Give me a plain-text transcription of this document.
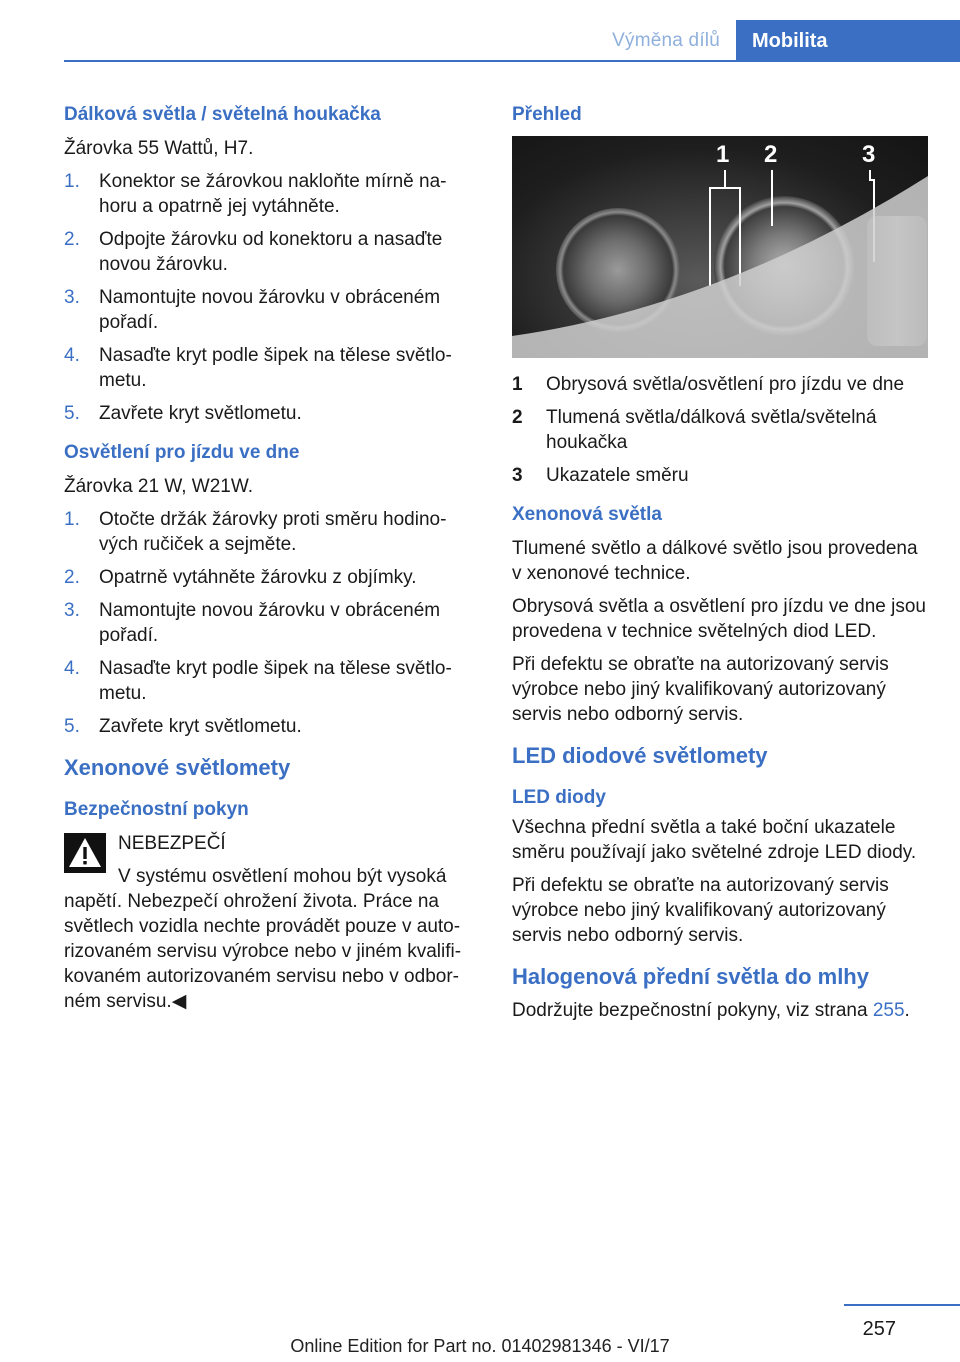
Výměna dílů	Mobilita
Dálková světla / světelná houkačka

Žárovka 55 Wattů, H7.

1. Konektor se žárovkou nakloňte mírně nahoru a opatrně jej vytáhněte.
2. Odpojte žárovku od konektoru a nasaďte novou žárovku.
3. Namontujte novou žárovku v obráceném pořadí.
4. Nasaďte kryt podle šipek na tělese světlometu.
5. Zavřete kryt světlometu.
Osvětlení pro jízdu ve dne

Žárovka 21 W, W21W.

1. Otočte držák žárovky proti směru hodinových ručiček a sejměte.
2. Opatrně vytáhněte žárovku z objímky.
3. Namontujte novou žárovku v obráceném pořadí.
4. Nasaďte kryt podle šipek na tělese světlometu.
5. Zavřete kryt světlometu.
Xenonové světlomety
Bezpečnostní pokyn
NEBEZPEČÍ
V systému osvětlení mohou být vysoká napětí. Nebezpečí ohrožení života. Práce na světlech vozidla nechte provádět pouze v autorizovaném servisu výrobce nebo v jiném kvalifikovaném autorizovaném servisu nebo v odborném servisu.◀
Přehled
1 2	3
1 Obrysová světla/osvětlení pro jízdu ve dne
2 Tlumená světla/dálková světla/světelná houkačka
3 Ukazatele směru
Xenonová světla

Tlumené světlo a dálkové světlo jsou provedena v xenonové technice.

Obrysová světla a osvětlení pro jízdu ve dne jsou provedena v technice světelných diod LED.

Při defektu se obraťte na autorizovaný servis výrobce nebo jiný kvalifikovaný autorizovaný servis nebo odborný servis.

LED diodové světlomety
LED diody

Všechna přední světla a také boční ukazatele směru používají jako světelné zdroje LED diody.

Při defektu se obraťte na autorizovaný servis výrobce nebo jiný kvalifikovaný autorizovaný servis nebo odborný servis.

Halogenová přední světla do mlhy

Dodržujte bezpečnostní pokyny, viz strana 255.

257
Online Edition for Part no. 01402981346 - VI/17
